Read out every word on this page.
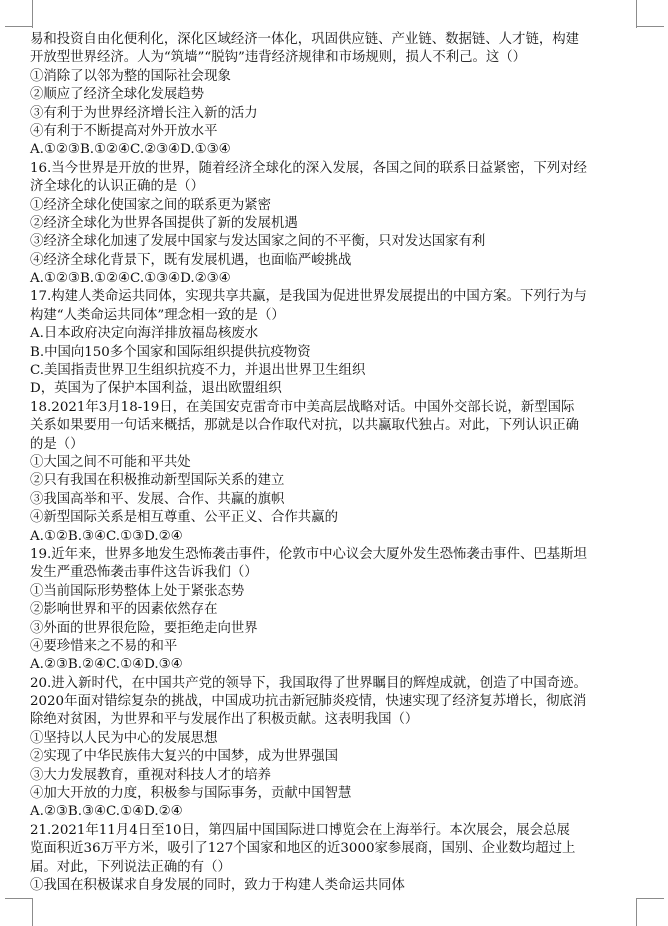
易和投资自由化便利化，深化区域经济一体化，巩固供应链、产业链、数据链、人才链，构建
开放型世界经济。人为“筑墙”“脱钩”违背经济规律和市场规则，损人不利己。这（）
①消除了以邻为整的国际社会现象
②顺应了经济全球化发展趋势
③有利于为世界经济增长注入新的活力
④有利于不断提高对外开放水平
A.①②③B.①②④C.②③④D.①③④
16.当今世界是开放的世界，随着经济全球化的深入发展，各国之间的联系日益紧密，下列对经
济全球化的认识正确的是（）
①经济全球化使国家之间的联系更为紧密
②经济全球化为世界各国提供了新的发展机遇
③经济全球化加速了发展中国家与发达国家之间的不平衡，只对发达国家有利
④经济全球化背景下，既有发展机遇，也面临严峻挑战
A.①②③B.①②④C.①③④D.②③④
17.构建人类命运共同体，实现共享共赢，是我国为促进世界发展提出的中国方案。下列行为与
构建“人类命运共同体”理念相一致的是（）
A.日本政府决定向海洋排放福岛核废水
B.中国向150多个国家和国际组织提供抗疫物资
C.美国指责世界卫生组织抗疫不力，并退出世界卫生组织
D，英国为了保护本国利益，退出欧盟组织
18.2021年3月18-19日，在美国安克雷奇市中美高层战略对话。中国外交部长说，新型国际
关系如果要用一句话来概括，那就是以合作取代对抗，以共赢取代独占。对此，下列认识正确
的是（）
①大国之间不可能和平共处
②只有我国在积极推动新型国际关系的建立
③我国高举和平、发展、合作、共赢的旗帜
④新型国际关系是相互尊重、公平正义、合作共赢的
A.①②B.③④C.①③D.②④
19.近年来，世界多地发生恐怖袭击事件，伦敦市中心议会大厦外发生恐怖袭击事件、巴基斯坦
发生严重恐怖袭击事件这告诉我们（）
①当前国际形势整体上处于紧张态势
②影响世界和平的因素依然存在
③外面的世界很危险，要拒绝走向世界
④要珍惜来之不易的和平
A.②③B.②④C.①④D.③④
20.进入新时代，在中国共产党的领导下，我国取得了世界瞩目的辉煌成就，创造了中国奇迹。
2020年面对错综复杂的挑战，中国成功抗击新冠肺炎疫情，快速实现了经济复苏增长，彻底消
除绝对贫困，为世界和平与发展作出了积极贡献。这表明我国（）
①坚持以人民为中心的发展思想
②实现了中华民族伟大复兴的中国梦，成为世界强国
③大力发展教育，重视对科技人才的培养
④加大开放的力度，积极参与国际事务，贡献中国智慧
A.②③B.③④C.①④D.②④
21.2021年11月4日至10日，第四届中国国际进口博览会在上海举行。本次展会，展会总展
览面积近36万平方米，吸引了127个国家和地区的近3000家参展商，国别、企业数均超过上
届。对此，下列说法正确的有（）
①我国在积极谋求自身发展的同时，致力于构建人类命运共同体
